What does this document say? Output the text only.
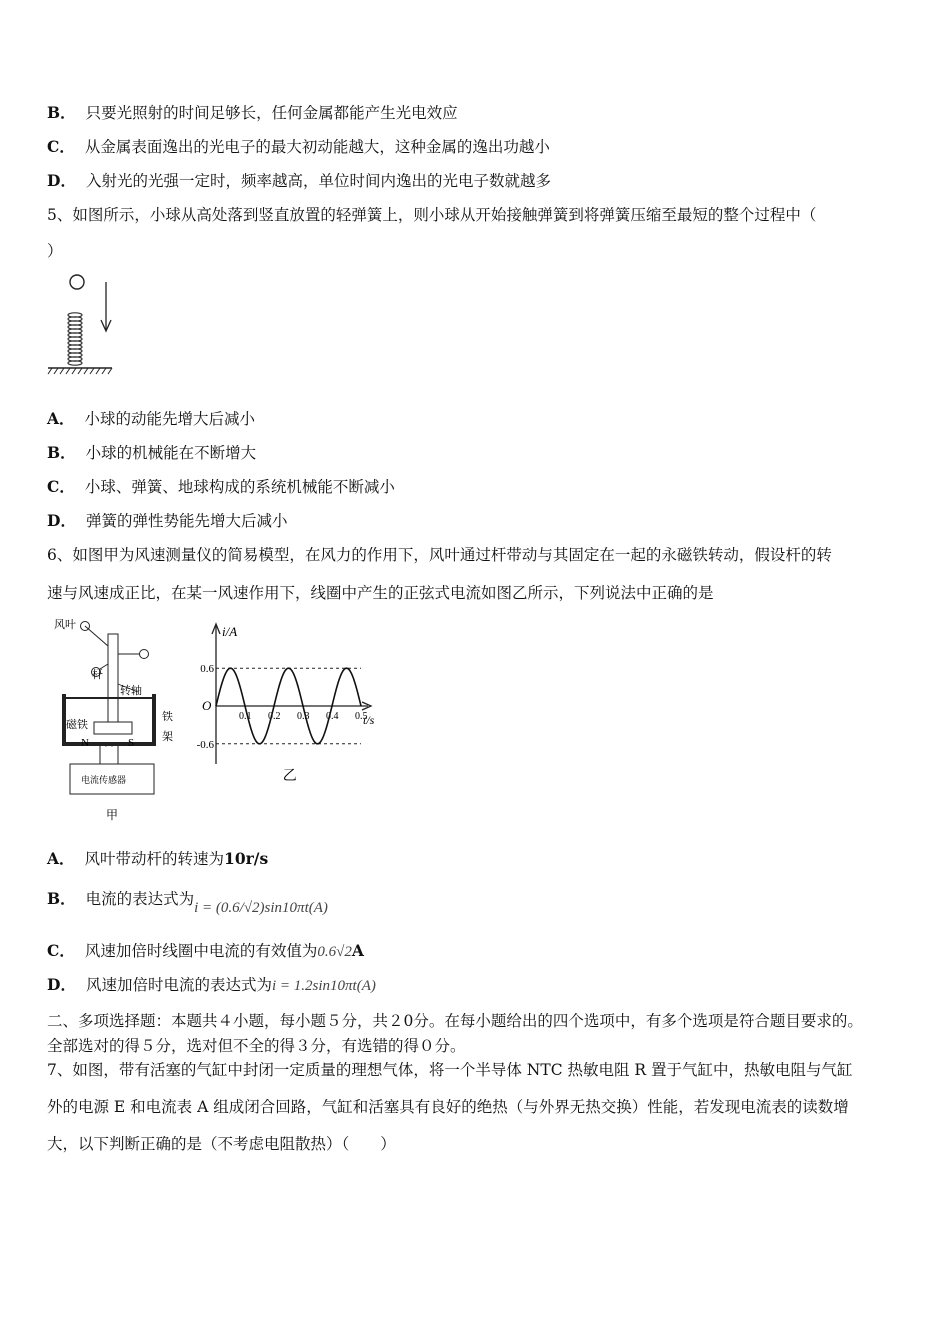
B． 只要光照射的时间足够长，任何金属都能产生光电效应
C． 从金属表面逸出的光电子的最大初动能越大，这种金属的逸出功越小
D． 入射光的光强一定时，频率越高，单位时间内逸出的光电子数就越多
5、如图所示，小球从高处落到竖直放置的轻弹簧上，则小球从开始接触弹簧到将弹簧压缩至最短的整个过程中（
）
A． 小球的动能先增大后减小
B． 小球的机械能在不断增大
C． 小球、弹簧、地球构成的系统机械能不断减小
D． 弹簧的弹性势能先增大后减小
6、如图甲为风速测量仪的简易模型，在风力的作用下，风叶通过杆带动与其固定在一起的永磁铁转动，假设杆的转
速与风速成正比，在某一风速作用下，线圈中产生的正弦式电流如图乙所示，下列说法中正确的是
风叶
杆
转轴
磁铁
N	S
铁
架
电流传感器
甲
i/A
t/s
O
0.6
-0.6
0.1 0.2 0.3 0.4 0.5
乙
A． 风叶带动杆的转速为10r/s
B． 电流的表达式为i = (0.6/√2)sin10πt(A)
C． 风速加倍时线圈中电流的有效值为0.6√2A
D． 风速加倍时电流的表达式为i = 1.2sin10πt(A)
二、多项选择题：本题共４小题，每小题５分，共２0分。在每小题给出的四个选项中，有多个选项是符合题目要求的。
全部选对的得５分，选对但不全的得３分，有选错的得０分。
7、如图，带有活塞的气缸中封闭一定质量的理想气体，将一个半导体 NTC 热敏电阻 R 置于气缸中，热敏电阻与气缸
外的电源 E 和电流表 A 组成闭合回路，气缸和活塞具有良好的绝热（与外界无热交换）性能，若发现电流表的读数增
大，以下判断正确的是（不考虑电阻散热）（　　）
